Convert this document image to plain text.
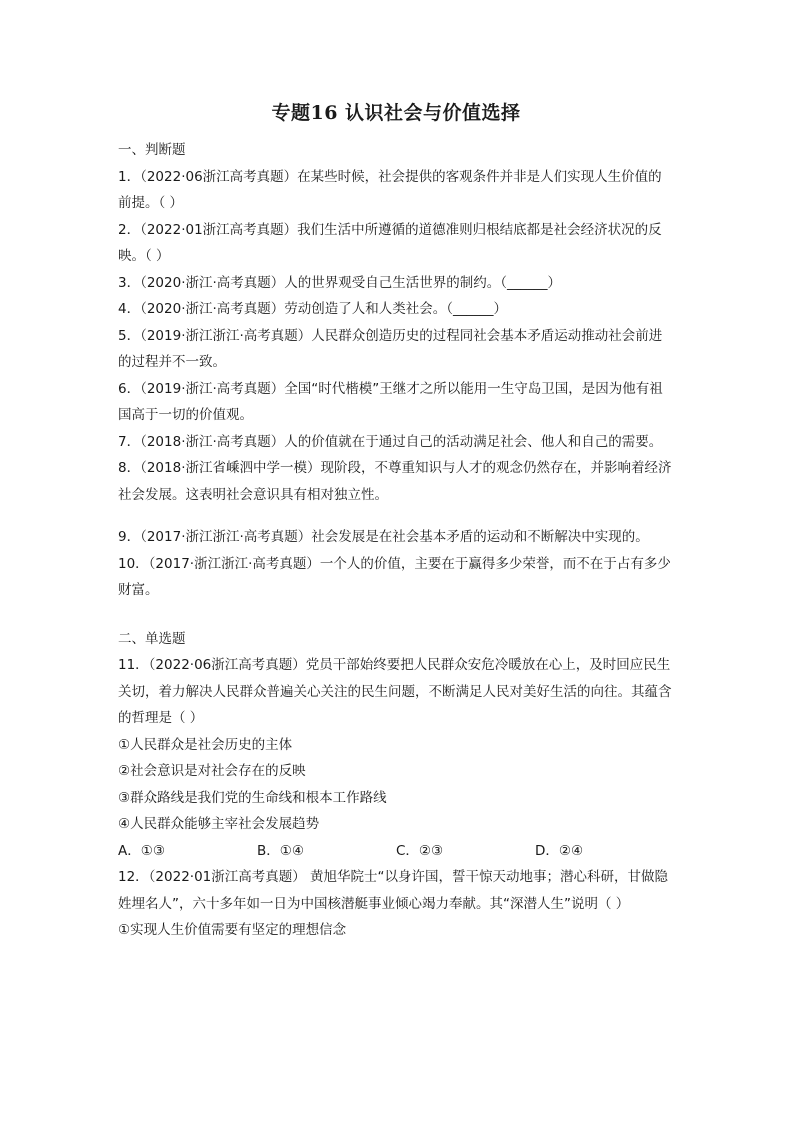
专题16 认识社会与价值选择

一、判断题

1．（2022·06浙江高考真题）在某些时候，社会提供的客观条件并非是人们实现人生价值的前提。（ ）

2．（2022·01浙江高考真题）我们生活中所遵循的道德准则归根结底都是社会经济状况的反映。（ ）

3．（2020·浙江·高考真题）人的世界观受自己生活世界的制约。（______）

4．（2020·浙江·高考真题）劳动创造了人和人类社会。（______）

5．（2019·浙江浙江·高考真题）人民群众创造历史的过程同社会基本矛盾运动推动社会前进的过程并不一致。

6．（2019·浙江·高考真题）全国“时代楷模”王继才之所以能用一生守岛卫国，是因为他有祖国高于一切的价值观。

7．（2018·浙江·高考真题）人的价值就在于通过自己的活动满足社会、他人和自己的需要。

8．（2018·浙江省嵊泗中学一模）现阶段，不尊重知识与人才的观念仍然存在，并影响着经济社会发展。这表明社会意识具有相对独立性。

9．（2017·浙江浙江·高考真题）社会发展是在社会基本矛盾的运动和不断解决中实现的。

10．（2017·浙江浙江·高考真题）一个人的价值，主要在于赢得多少荣誉，而不在于占有多少财富。

二、单选题

11．（2022·06浙江高考真题）党员干部始终要把人民群众安危冷暖放在心上，及时回应民生关切，着力解决人民群众普遍关心关注的民生问题，不断满足人民对美好生活的向往。其蕴含的哲理是（ ）

①人民群众是社会历史的主体

②社会意识是对社会存在的反映

③群众路线是我们党的生命线和根本工作路线

④人民群众能够主宰社会发展趋势

A．①③	B．①④	C．②③	D．②④

12．（2022·01浙江高考真题） 黄旭华院士“以身许国，誓干惊天动地事；潜心科研，甘做隐姓埋名人”，六十多年如一日为中国核潜艇事业倾心竭力奉献。其“深潜人生”说明（ ）

①实现人生价值需要有坚定的理想信念
